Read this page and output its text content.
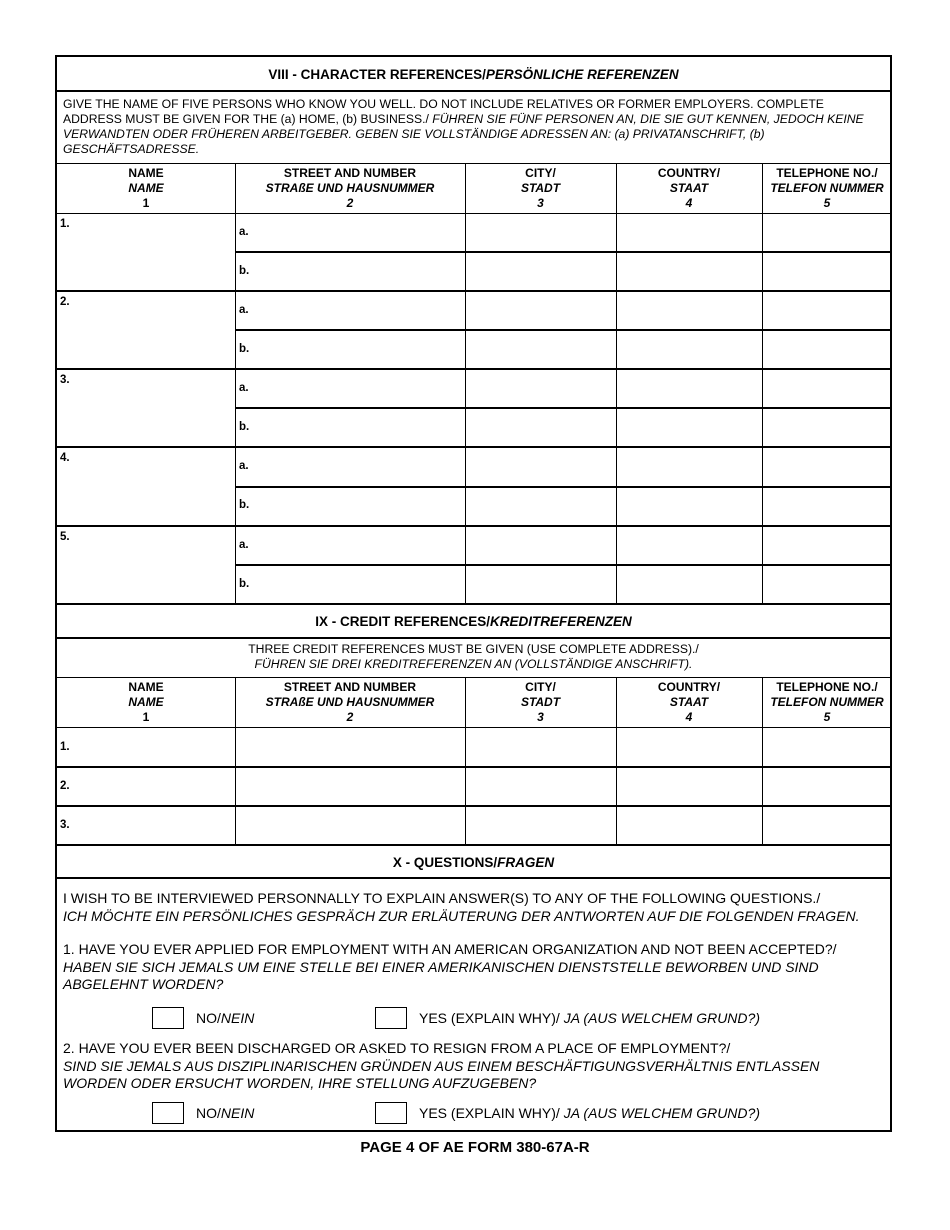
VIII - CHARACTER REFERENCES/ PERSÖNLICHE REFERENZEN
GIVE THE NAME OF FIVE PERSONS WHO KNOW YOU WELL. DO NOT INCLUDE RELATIVES OR FORMER EMPLOYERS. COMPLETE ADDRESS MUST BE GIVEN FOR THE (a) HOME, (b) BUSINESS./ FÜHREN SIE FÜNF PERSONEN AN, DIE SIE GUT KENNEN, JEDOCH KEINE VERWANDTEN ODER FRÜHEREN ARBEITGEBER. GEBEN SIE VOLLSTÄNDIGE ADRESSEN AN: (a) PRIVATANSCHRIFT, (b) GESCHÄFTSADRESSE.
NAME
NAME
1
STREET AND NUMBER
STRAßE UND HAUSNUMMER
2
CITY/
STADT
3
COUNTRY/
STAAT
4
TELEPHONE NO./
TELEFON NUMMER
5
1.
2.
3.
4.
5.
a.
b.
a.
b.
a.
b.
a.
b.
a.
b.
IX - CREDIT REFERENCES/ KREDITREFERENZEN
THREE CREDIT REFERENCES MUST BE GIVEN (USE COMPLETE ADDRESS)./
FÜHREN SIE DREI KREDITREFERENZEN AN (VOLLSTÄNDIGE ANSCHRIFT).
NAME
NAME
1
STREET AND NUMBER
STRAßE UND HAUSNUMMER
2
CITY/
STADT
3
COUNTRY/
STAAT
4
TELEPHONE NO./
TELEFON NUMMER
5
1.
2.
3.
X - QUESTIONS/ FRAGEN
I WISH TO BE INTERVIEWED PERSONNALLY TO EXPLAIN ANSWER(S) TO ANY OF THE FOLLOWING QUESTIONS./
ICH MÖCHTE EIN PERSÖNLICHES GESPRÄCH ZUR ERLÄUTERUNG DER ANTWORTEN AUF DIE FOLGENDEN FRAGEN.
1. HAVE YOU EVER APPLIED FOR EMPLOYMENT WITH AN AMERICAN ORGANIZATION AND NOT BEEN ACCEPTED?/
HABEN SIE SICH JEMALS UM EINE STELLE BEI EINER AMERIKANISCHEN DIENSTSTELLE BEWORBEN UND SIND ABGELEHNT WORDEN?
NO/NEIN	YES (EXPLAIN WHY)/ JA (AUS WELCHEM GRUND?)
2. HAVE YOU EVER BEEN DISCHARGED OR ASKED TO RESIGN FROM A PLACE OF EMPLOYMENT?/
SIND SIE JEMALS AUS DISZIPLINARISCHEN GRÜNDEN AUS EINEM BESCHÄFTIGUNGSVERHÄLTNIS ENTLASSEN WORDEN ODER ERSUCHT WORDEN, IHRE STELLUNG AUFZUGEBEN?
NO/NEIN	YES (EXPLAIN WHY)/ JA (AUS WELCHEM GRUND?)
PAGE 4 OF AE FORM 380-67A-R
